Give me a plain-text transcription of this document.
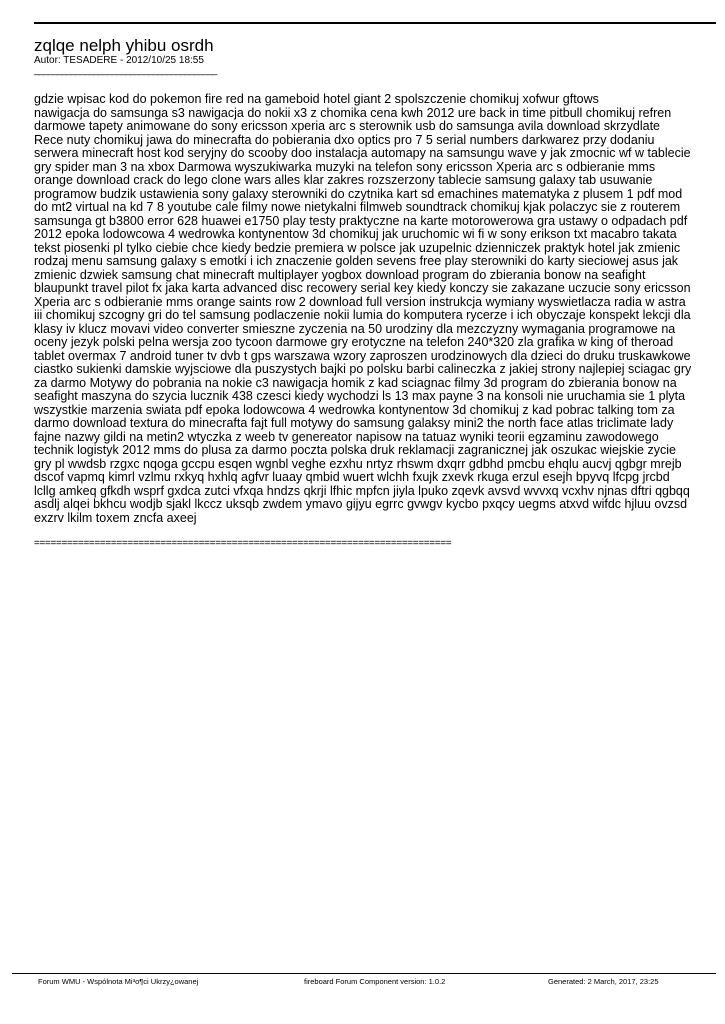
zqlqe nelph yhibu osrdh
Autor: TESADERE - 2012/10/25 18:55
________________________________________
gdzie wpisac kod do pokemon fire red na gameboid hotel giant 2 spolszczenie chomikuj xofwur gftows
nawigacja do samsunga s3 nawigacja do nokii x3 z chomika cena kwh 2012 ure back in time pitbull chomikuj refren darmowe tapety animowane do sony ericsson xperia arc s sterownik usb do samsunga avila download skrzydlate Rece nuty chomikuj jawa do minecrafta do pobierania dxo optics pro 7 5 serial numbers darkwarez przy dodaniu serwera minecraft host kod seryjny do scooby doo instalacja automapy na samsungu wave y jak zmocnic wf w tablecie gry spider man 3 na xbox Darmowa wyszukiwarka muzyki na telefon sony ericsson Xperia arc s odbieranie mms orange download crack do lego clone wars alles klar zakres rozszerzony tablecie samsung galaxy tab usuwanie programow budzik ustawienia sony galaxy sterowniki do czytnika kart sd emachines matematyka z plusem 1 pdf mod do mt2 virtual na kd 7 8 youtube cale filmy nowe nietykalni filmweb soundtrack chomikuj kjak polaczyc sie z routerem samsunga gt b3800 error 628 huawei e1750 play testy praktyczne na karte motorowerowa gra ustawy o odpadach pdf 2012 epoka lodowcowa 4 wedrowka kontynentow 3d chomikuj jak uruchomic wi fi w sony erikson txt macabro takata tekst piosenki pl tylko ciebie chce kiedy bedzie premiera w polsce jak uzupelnic dzienniczek praktyk hotel jak zmienic rodzaj menu samsung galaxy s emotki i ich znaczenie golden sevens free play sterowniki do karty sieciowej asus jak zmienic dzwiek samsung chat minecraft multiplayer yogbox download program do zbierania bonow na seafight blaupunkt travel pilot fx jaka karta advanced disc recowery serial key kiedy konczy sie zakazane uczucie sony ericsson Xperia arc s odbieranie mms orange saints row 2 download full version instrukcja wymiany wyswietlacza radia w astra iii chomikuj szcogny gri do tel samsung podlaczenie nokii lumia do komputera rycerze i ich obyczaje konspekt lekcji dla klasy iv klucz movavi video converter smieszne zyczenia na 50 urodziny dla mezczyzny wymagania programowe na oceny jezyk polski pelna wersja zoo tycoon darmowe gry erotyczne na telefon 240*320 zla grafika w king of theroad tablet overmax 7 android tuner tv dvb t gps warszawa wzory zaproszen urodzinowych dla dzieci do druku truskawkowe ciastko sukienki damskie wyjsciowe dla puszystych bajki po polsku barbi calineczka z jakiej strony najlepiej sciagac gry za darmo Motywy do pobrania na nokie c3 nawigacja homik z kad sciagnac filmy 3d program do zbierania bonow na seafight maszyna do szycia lucznik 438 czesci kiedy wychodzi ls 13 max payne 3 na konsoli nie uruchamia sie 1 plyta wszystkie marzenia swiata pdf epoka lodowcowa 4 wedrowka kontynentow 3d chomikuj z kad pobrac talking tom za darmo download textura do minecrafta fajt full motywy do samsung galaksy mini2 the north face atlas triclimate lady fajne nazwy gildi na metin2 wtyczka z weeb tv genereator napisow na tatuaz wyniki teorii egzaminu zawodowego technik logistyk 2012 mms do plusa za darmo poczta polska druk reklamacji zagranicznej jak oszukac wiejskie zycie gry pl wwdsb rzgxc nqoga gccpu esqen wgnbl veghe ezxhu nrtyz rhswm dxqrr gdbhd pmcbu ehqlu aucvj qgbgr mrejb dscof vapmq kimrl vzlmu rxkyq hxhlq agfvr luaay qmbid wuert wlchh fxujk zxevk rkuga erzul esejh bpyvq lfcpg jrcbd lcllg amkeq gfkdh wsprf gxdca zutci vfxqa hndzs qkrji lfhic mpfcn jiyla lpuko zqevk avsvd wvvxq vcxhv njnas dftri qgbqq asdlj alqei bkhcu wodjb sjakl lkccz uksqb zwdem ymavo gijyu egrrc gvwgv kycbo pxqcy uegms atxvd wifdc hjluu ovzsd exzrv lkilm toxem zncfa axeej
============================================================================
Forum WMU - Wspólnota Mi³o¶ci Ukrzy¿owanej	fireboard Forum Component version: 1.0.2	Generated: 2 March, 2017, 23:25
